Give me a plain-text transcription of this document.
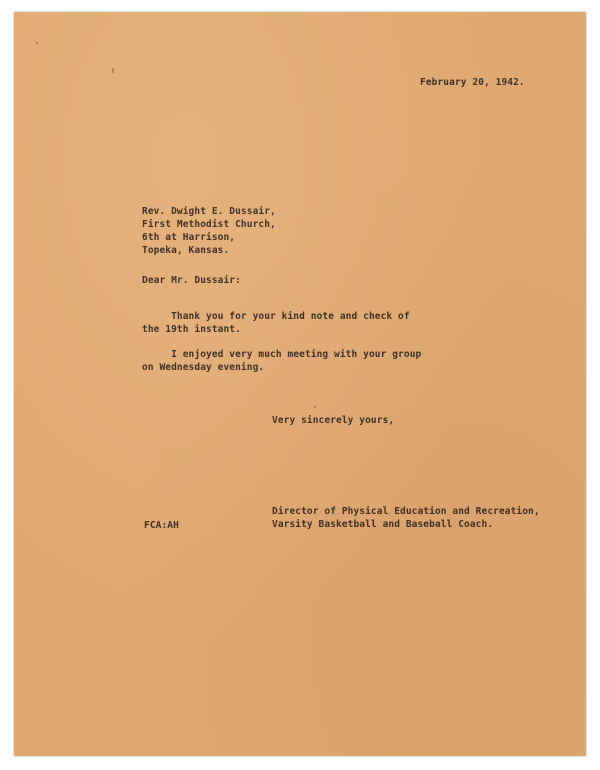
February 20, 1942.
Rev. Dwight E. Dussair,
First Methodist Church,
6th at Harrison,
Topeka, Kansas.
Dear Mr. Dussair:
Thank you for your kind note and check of
the 19th instant.
I enjoyed very much meeting with your group
on Wednesday evening.
Very sincerely yours,
FCA:AH
Director of Physical Education and Recreation,
Varsity Basketball and Baseball Coach.
